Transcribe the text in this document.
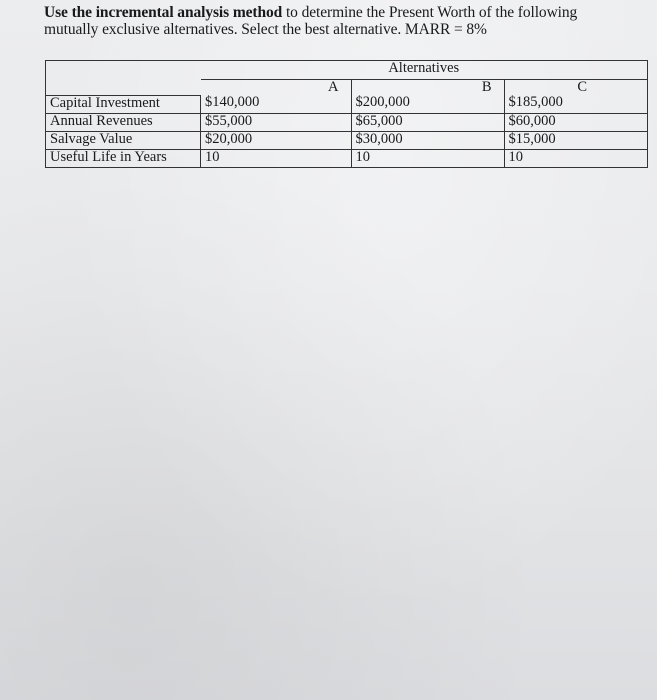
Use the incremental analysis method to determine the Present Worth of the following
mutually exclusive alternatives. Select the best alternative. MARR = 8%
	Alternatives		
	A	B	C
Capital Investment	$140,000	$200,000	$185,000
Annual Revenues	$55,000	$65,000	$60,000
Salvage Value	$20,000	$30,000	$15,000
Useful Life in Years	10	10	10
